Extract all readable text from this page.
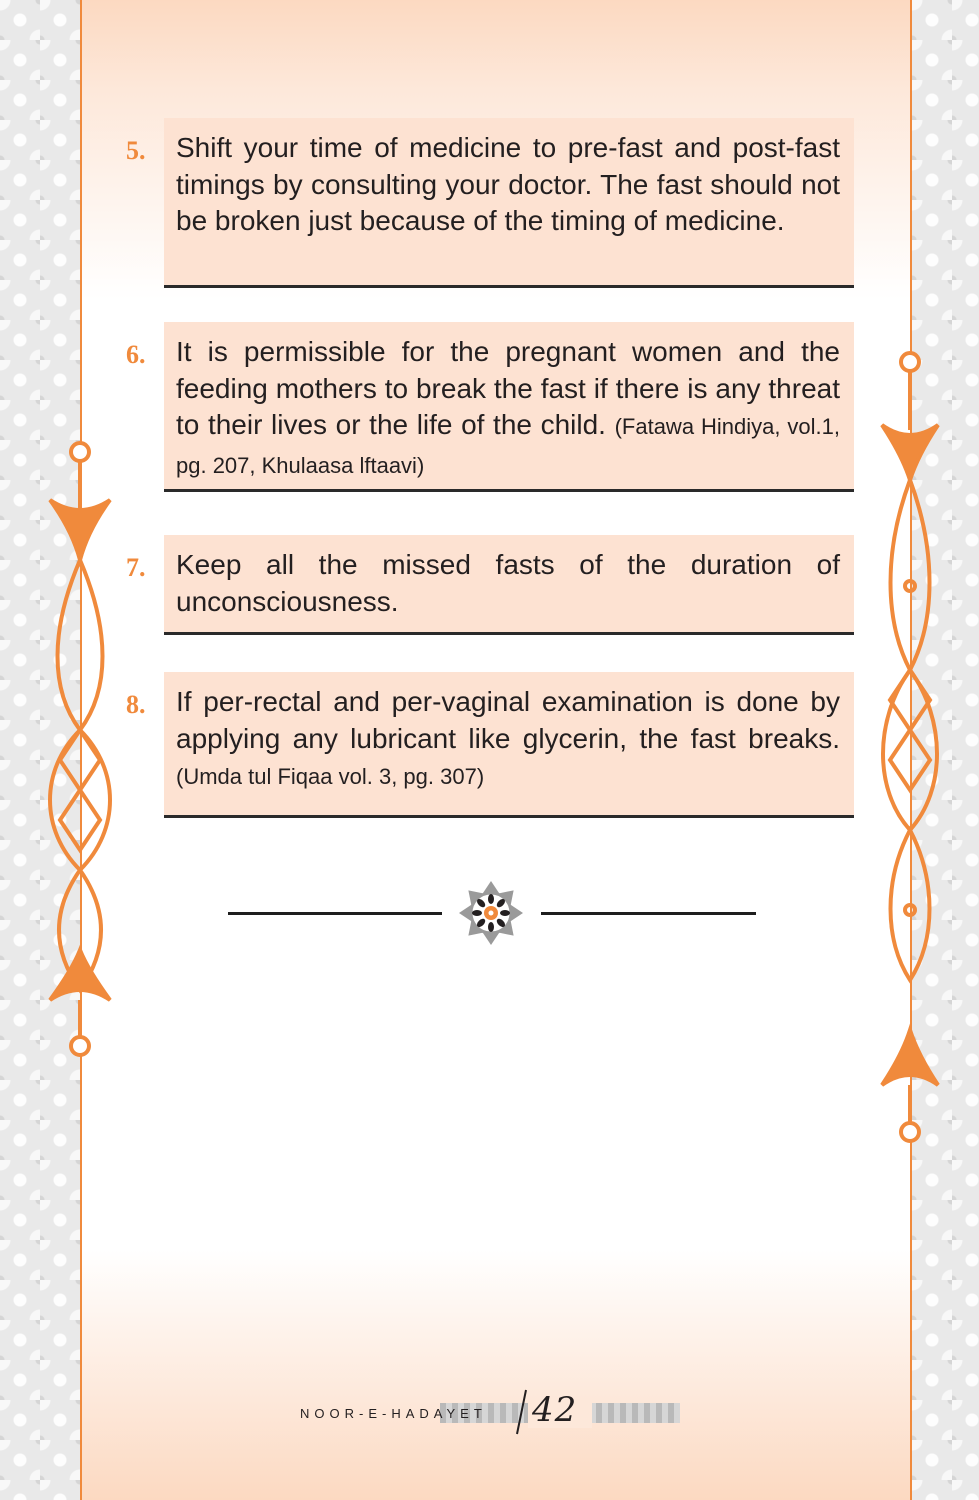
5.	Shift your time of medicine to pre-fast and post-fast timings by consulting your doctor. The fast should not be broken just because of the timing of medicine.

6.	It is permissible for the pregnant women and the feeding mothers to break the fast if there is any threat to their lives or the life of the child. (Fatawa Hindiya, vol.1, pg. 207, Khulaasa lftaavi)

7.	Keep all the missed fasts of the duration of unconsciousness.

8.	If per-rectal and per-vaginal examination is done by applying any lubricant like glycerin, the fast breaks. (Umda tul Fiqaa vol. 3, pg. 307)

NOOR-E-HADAYET 42
